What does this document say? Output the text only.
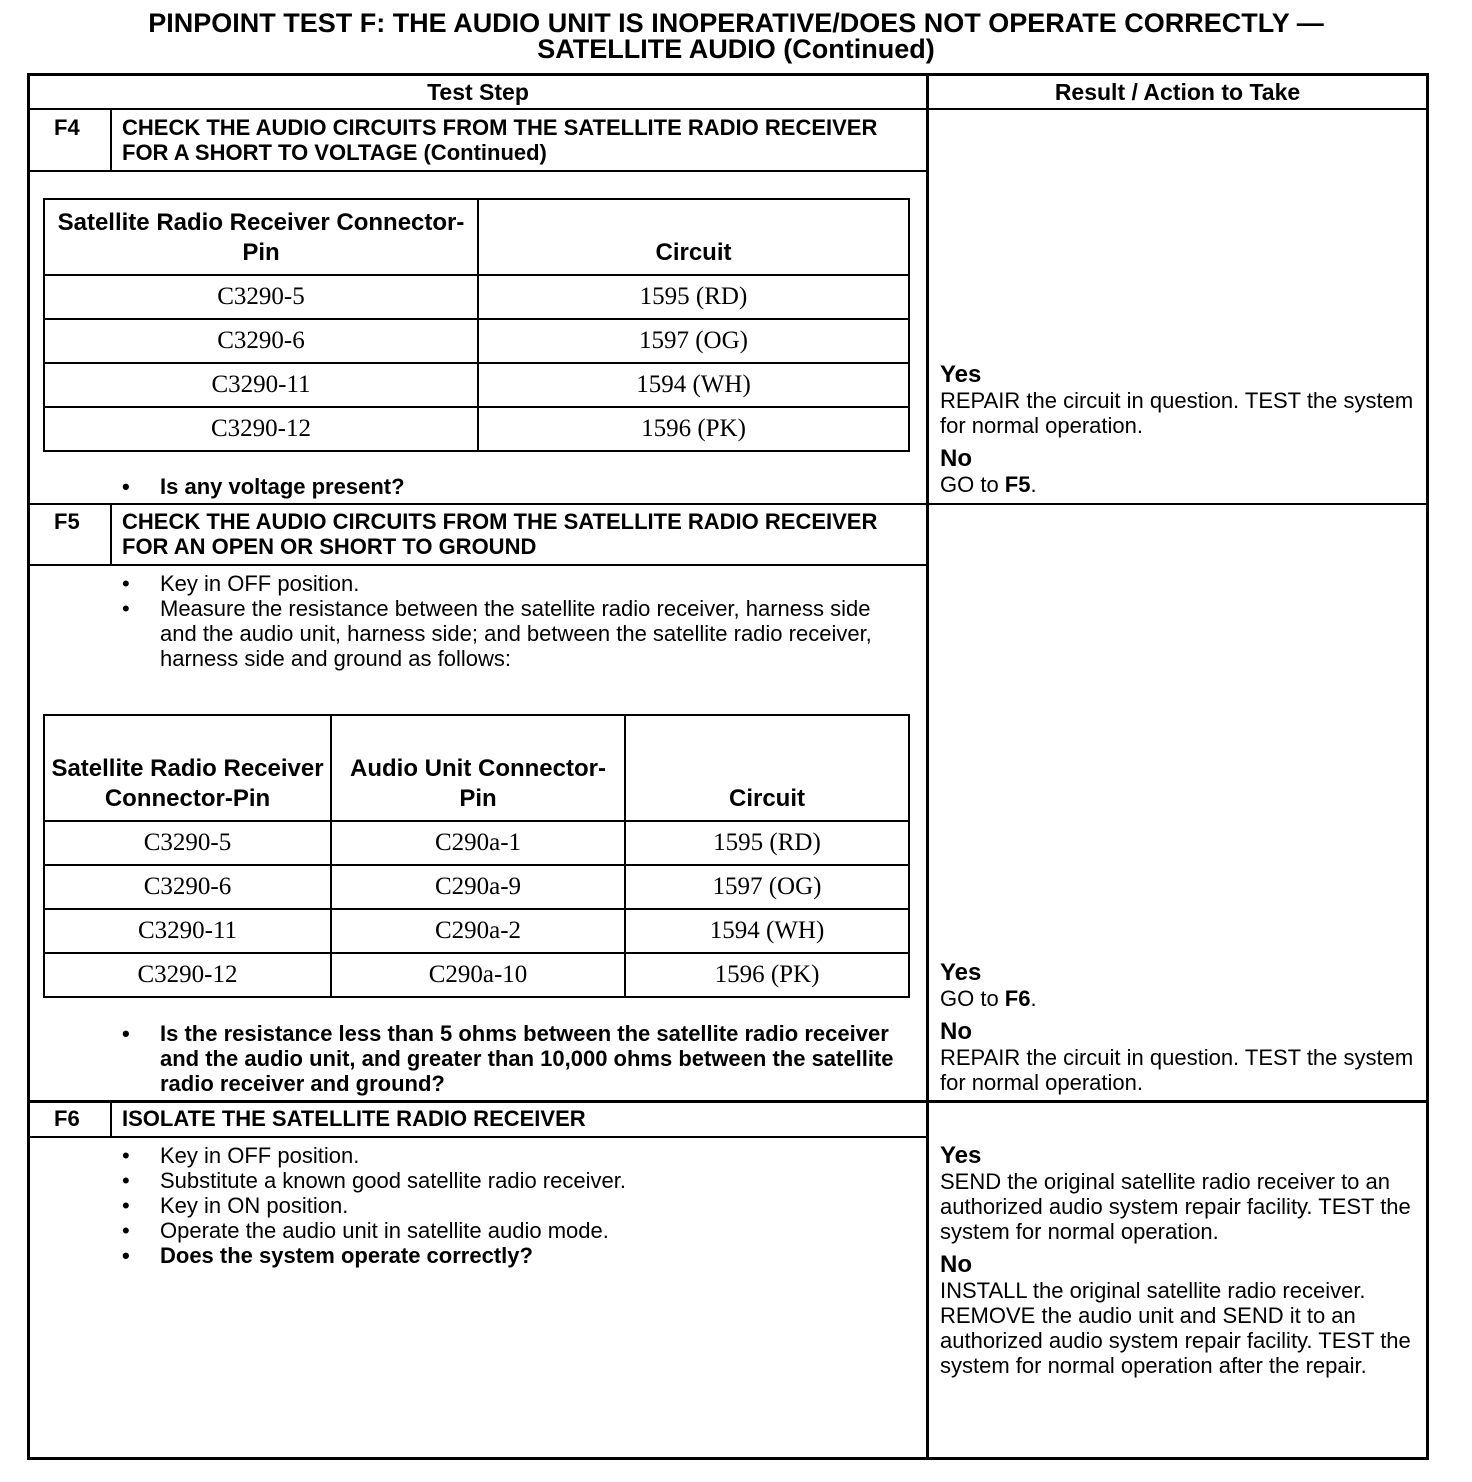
PINPOINT TEST F: THE AUDIO UNIT IS INOPERATIVE/DOES NOT OPERATE CORRECTLY —
SATELLITE AUDIO (Continued)
Test Step	Result / Action to Take
F4 CHECK THE AUDIO CIRCUITS FROM THE SATELLITE RADIO RECEIVER FOR A SHORT TO VOLTAGE (Continued)
Satellite Radio Receiver Connector-Pin	Circuit
C3290-5	1595 (RD)
C3290-6	1597 (OG)
C3290-11	1594 (WH)
C3290-12	1596 (PK)
• Is any voltage present?
Yes

REPAIR the circuit in question. TEST the system for normal operation.

No

GO to F5.

F5 CHECK THE AUDIO CIRCUITS FROM THE SATELLITE RADIO RECEIVER FOR AN OPEN OR SHORT TO GROUND
• Key in OFF position.
• Measure the resistance between the satellite radio receiver, harness side and the audio unit, harness side; and between the satellite radio receiver, harness side and ground as follows:
Satellite Radio Receiver Connector-Pin	Audio Unit Connector-Pin	Circuit
C3290-5	C290a-1	1595 (RD)
C3290-6	C290a-9	1597 (OG)
C3290-11	C290a-2	1594 (WH)
C3290-12	C290a-10	1596 (PK)
• Is the resistance less than 5 ohms between the satellite radio receiver and the audio unit, and greater than 10,000 ohms between the satellite radio receiver and ground?
Yes

GO to F6.

No

REPAIR the circuit in question. TEST the system for normal operation.

F6 ISOLATE THE SATELLITE RADIO RECEIVER
• Key in OFF position.
• Substitute a known good satellite radio receiver.
• Key in ON position.
• Operate the audio unit in satellite audio mode.
• Does the system operate correctly?
Yes

SEND the original satellite radio receiver to an authorized audio system repair facility. TEST the system for normal operation.

No

INSTALL the original satellite radio receiver. REMOVE the audio unit and SEND it to an authorized audio system repair facility. TEST the system for normal operation after the repair.
